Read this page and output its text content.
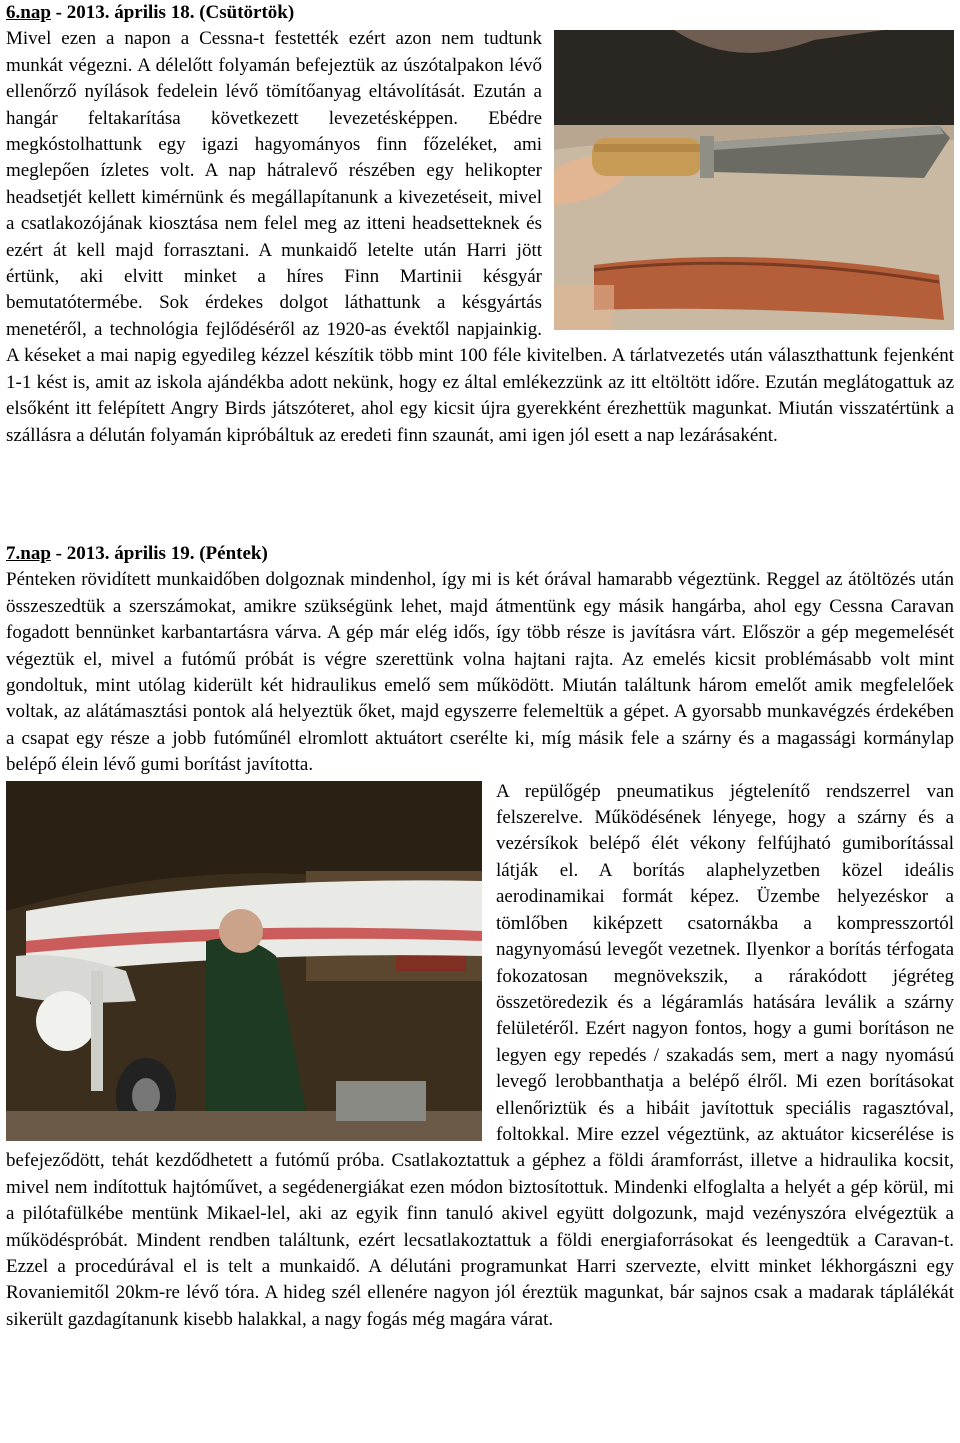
6.nap - 2013. április 18. (Csütörtök)

Mivel ezen a napon a Cessna-t festették ezért azon nem tudtunk munkát végezni. A délelőtt folyamán befejeztük az úszótalpakon lévő ellenőrző nyílások fedelein lévő tömítőanyag eltávolítását. Ezután a hangár feltakarítása következett levezetésképpen. Ebédre megkóstolhattunk egy igazi hagyományos finn főzeléket, ami meglepően ízletes volt. A nap hátralevő részében egy helikopter headsetjét kellett kimérnünk és megállapítanunk a kivezetéseit, mivel a csatlakozójának kiosztása nem felel meg az itteni headsetteknek és ezért át kell majd forrasztani. A munkaidő letelte után Harri jött értünk, aki elvitt minket a híres Finn Martinii késgyár bemutatótermébe. Sok érdekes dolgot láthattunk a késgyártás menetéről, a technológia fejlődéséről az 1920-as évektől napjainkig. A késeket a mai napig egyedileg kézzel készítik több mint 100 féle kivitelben. A tárlatvezetés után választhattunk fejenként 1-1 kést is, amit az iskola ajándékba adott nekünk, hogy ez által emlékezzünk az itt eltöltött időre. Ezután meglátogattuk az elsőként itt felépített Angry Birds játszóteret, ahol egy kicsit újra gyerekként érezhettük magunkat. Miután visszatértünk a szállásra a délután folyamán kipróbáltuk az eredeti finn szaunát, ami igen jól esett a nap lezárásaként.

7.nap - 2013. április 19. (Péntek)

Pénteken rövidített munkaidőben dolgoznak mindenhol, így mi is két órával hamarabb végeztünk. Reggel az átöltözés után összeszedtük a szerszámokat, amikre szükségünk lehet, majd átmentünk egy másik hangárba, ahol egy Cessna Caravan fogadott bennünket karbantartásra várva. A gép már elég idős, így több része is javításra várt. Először a gép megemelését végeztük el, mivel a futómű próbát is végre szerettünk volna hajtani rajta. Az emelés kicsit problémásabb volt mint gondoltuk, mint utólag kiderült két hidraulikus emelő sem működött. Miután találtunk három emelőt amik megfelelőek voltak, az alátámasztási pontok alá helyeztük őket, majd egyszerre felemeltük a gépet. A gyorsabb munkavégzés érdekében a csapat egy része a jobb futóműnél elromlott aktuátort cserélte ki, míg másik fele a szárny és a magassági kormánylap belépő élein lévő gumi borítást javította.

A repülőgép pneumatikus jégtelenítő rendszerrel van felszerelve. Működésének lényege, hogy a szárny és a vezérsíkok belépő élét vékony felfújható gumiborítással látják el. A borítás alaphelyzetben közel ideális aerodinamikai formát képez. Üzembe helyezéskor a tömlőben kiképzett csatornákba a kompresszortól nagynyomású levegőt vezetnek. Ilyenkor a borítás térfogata fokozatosan megnövekszik, a rárakódott jégréteg összetöredezik és a légáramlás hatására leválik a szárny felületéről. Ezért nagyon fontos, hogy a gumi borításon ne legyen egy repedés / szakadás sem, mert a nagy nyomású levegő lerobbanthatja a belépő élről. Mi ezen borításokat ellenőriztük és a hibáit javítottuk speciális ragasztóval, foltokkal. Mire ezzel végeztünk, az aktuátor kicserélése is befejeződött, tehát kezdődhetett a futómű próba. Csatlakoztattuk a géphez a földi áramforrást, illetve a hidraulika kocsit, mivel nem indítottuk hajtóművet, a segédenergiákat ezen módon biztosítottuk. Mindenki elfoglalta a helyét a gép körül, mi a pilótafülkébe mentünk Mikael-lel, aki az egyik finn tanuló akivel együtt dolgozunk, majd vezényszóra elvégeztük a működéspróbát. Mindent rendben találtunk, ezért lecsatlakoztattuk a földi energiaforrásokat és leengedtük a Caravan-t. Ezzel a procedúrával el is telt a munkaidő. A délutáni programunkat Harri szervezte, elvitt minket lékhorgászni egy Rovaniemitől 20km-re lévő tóra. A hideg szél ellenére nagyon jól éreztük magunkat, bár sajnos csak a madarak táplálékát sikerült gazdagítanunk kisebb halakkal, a nagy fogás még magára várat.
